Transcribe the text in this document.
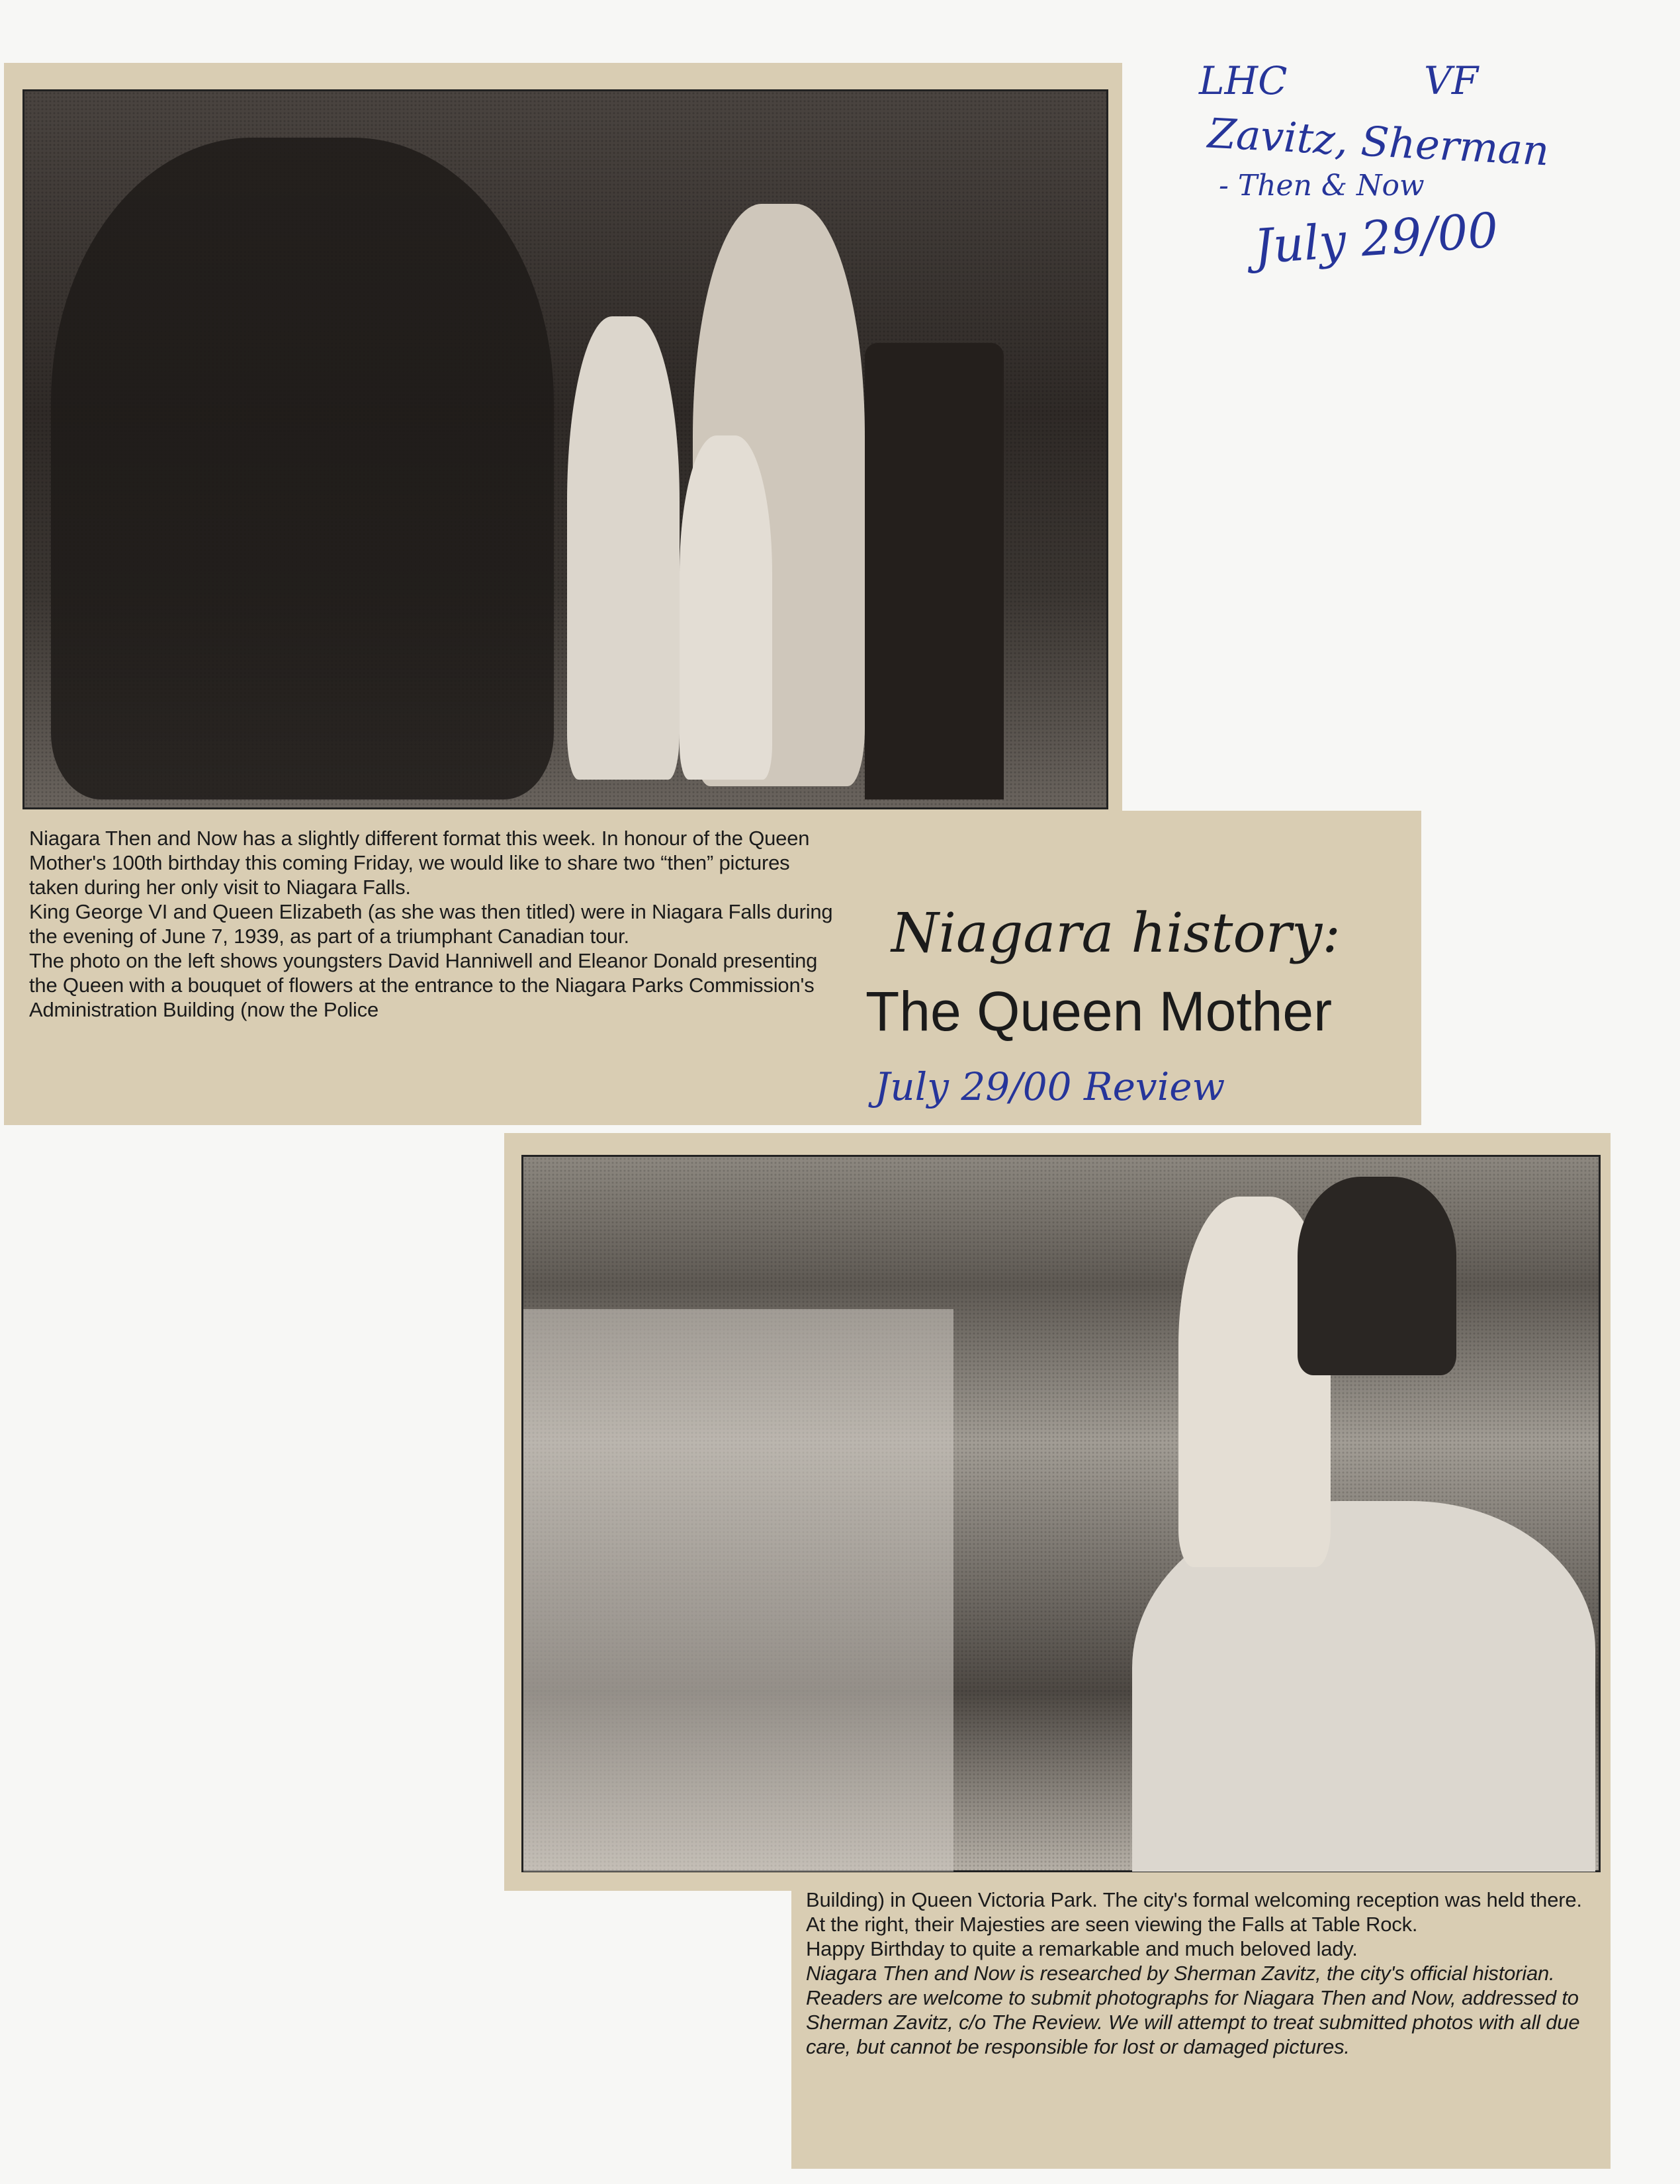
LHC	VF
Zavitz, Sherman
- Then & Now
July 29/00

Niagara Then and Now has a slightly different format this week. In honour of the Queen Mother's 100th birthday this coming Friday, we would like to share two “then” pictures taken during her only visit to Niagara Falls.

King George VI and Queen Elizabeth (as she was then titled) were in Niagara Falls during the evening of June 7, 1939, as part of a triumphant Canadian tour.

The photo on the left shows youngsters David Hanniwell and Eleanor Donald presenting the Queen with a bouquet of flowers at the entrance to the Niagara Parks Commission's Administration Building (now the Police

Niagara history:
The Queen Mother
July 29/00 Review

Building) in Queen Victoria Park. The city's formal welcoming reception was held there. At the right, their Majesties are seen viewing the Falls at Table Rock.

Happy Birthday to quite a remarkable and much beloved lady.

Niagara Then and Now is researched by Sherman Zavitz, the city's official historian. Readers are welcome to submit photographs for Niagara Then and Now, addressed to Sherman Zavitz, c/o The Review. We will attempt to treat submitted photos with all due care, but cannot be responsible for lost or damaged pictures.
